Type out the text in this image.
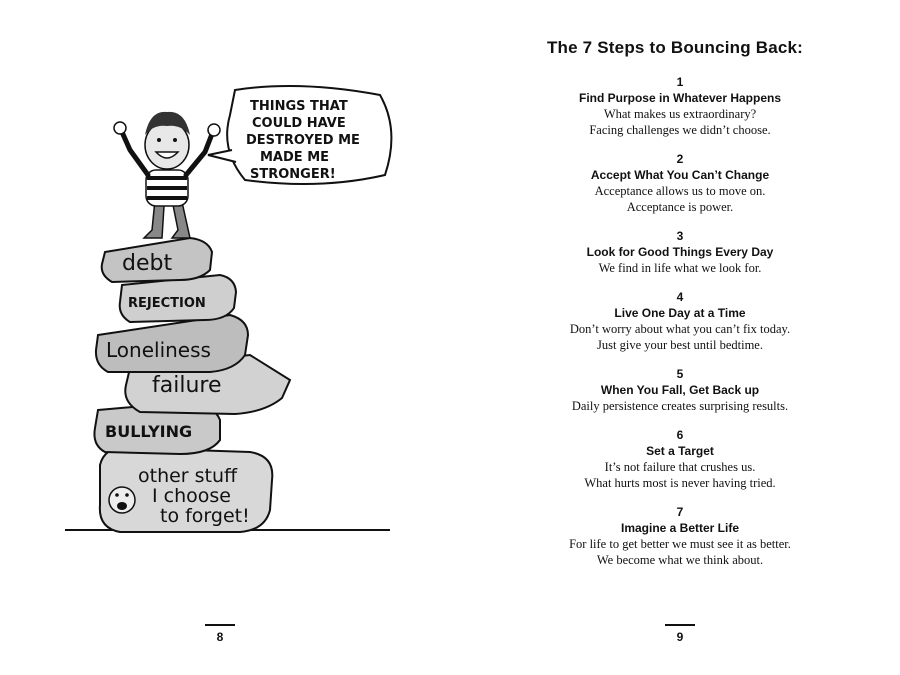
other stuff
I choose
to forget!
BULLYING
failure
Loneliness
REJECTION
debt
THINGS THAT
COULD HAVE
DESTROYED ME
MADE ME
STRONGER!
8
The 7 Steps to Bouncing Back:
1
Find Purpose in Whatever Happens
What makes us extraordinary?
Facing challenges we didn’t choose.
2
Accept What You Can’t Change
Acceptance allows us to move on.
Acceptance is power.
3
Look for Good Things Every Day
We find in life what we look for.
4
Live One Day at a Time
Don’t worry about what you can’t fix today.
Just give your best until bedtime.
5
When You Fall, Get Back up
Daily persistence creates surprising results.
6
Set a Target
It’s not failure that crushes us.
What hurts most is never having tried.
7
Imagine a Better Life
For life to get better we must see it as better.
We become what we think about.
9
